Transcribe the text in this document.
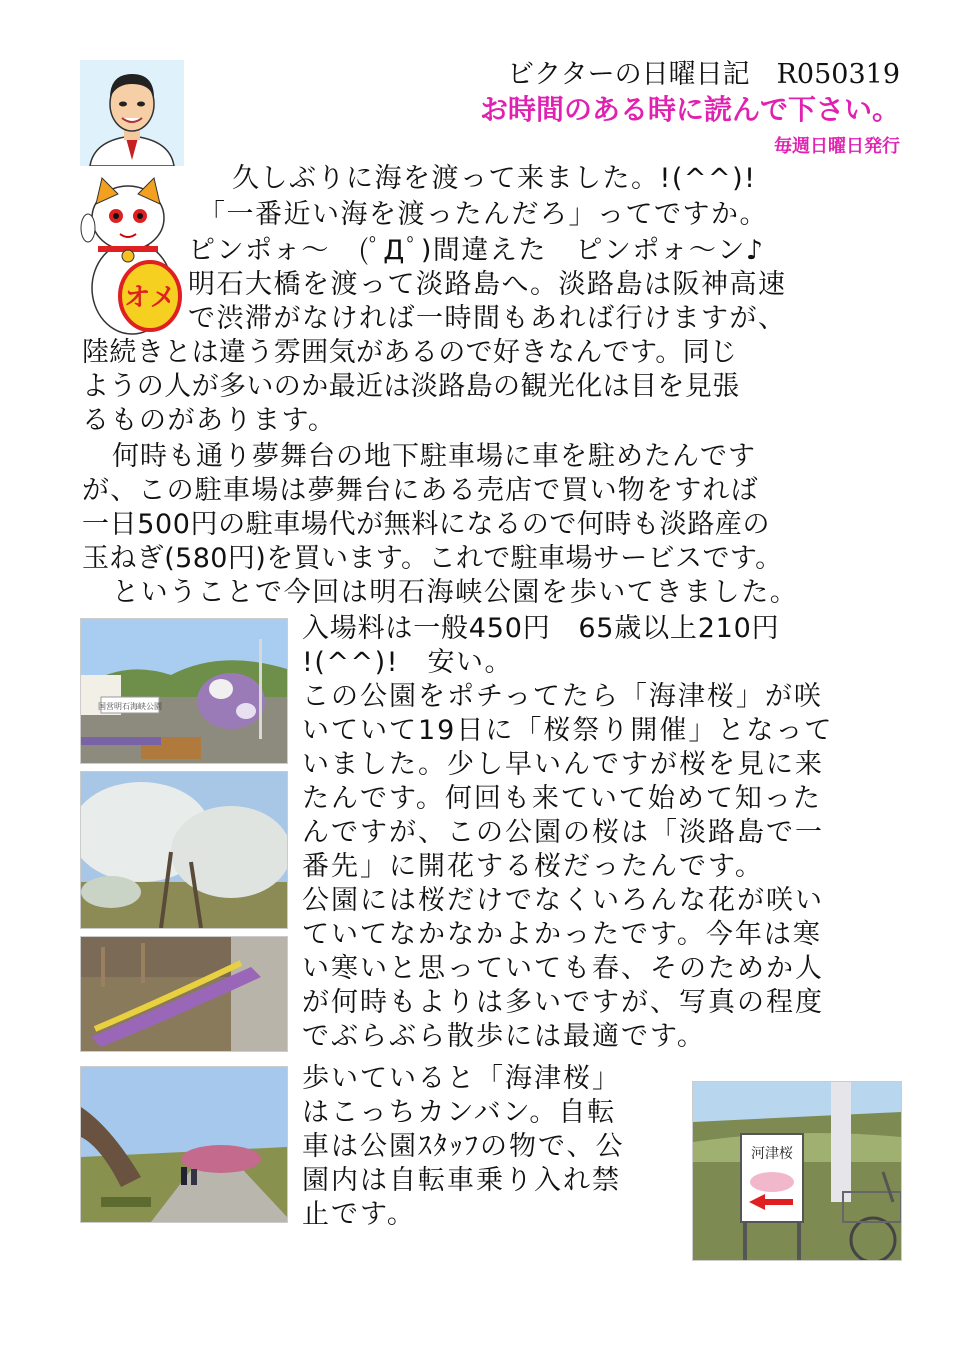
ビクターの日曜日記　R050319
お時間のある時に読んで下さい。
毎週日曜日発行
オメ
久しぶりに海を渡って来ました。!(^^)!
「一番近い海を渡ったんだろ」ってですか。
ピンポォ～　(ﾟДﾟ)間違えた　ピンポォ～ン♪
明石大橋を渡って淡路島へ。淡路島は阪神高速
で渋滞がなければ一時間もあれば行けますが、
陸続きとは違う雰囲気があるので好きなんです。同じ
ようの人が多いのか最近は淡路島の観光化は目を見張
るものがあります。
何時も通り夢舞台の地下駐車場に車を駐めたんです
が、この駐車場は夢舞台にある売店で買い物をすれば
一日500円の駐車場代が無料になるので何時も淡路産の
玉ねぎ(580円)を買います。これで駐車場サービスです。
ということで今回は明石海峡公園を歩いてきました。
入場料は一般450円　65歳以上210円
!(^^)!　安い。
この公園をポチってたら「海津桜」が咲
いていて19日に「桜祭り開催」となって
いました。少し早いんですが桜を見に来
たんです。何回も来ていて始めて知った
んですが、この公園の桜は「淡路島で一
番先」に開花する桜だったんです。
公園には桜だけでなくいろんな花が咲い
ていてなかなかよかったです。今年は寒
い寒いと思っていても春、そのためか人
が何時もよりは多いですが、写真の程度
でぶらぶら散歩には最適です。
歩いていると「海津桜」
はこっちカンバン。自転
車は公園ｽﾀｯﾌの物で、公
園内は自転車乗り入れ禁
止です。
国営明石海峡公園
河津桜
